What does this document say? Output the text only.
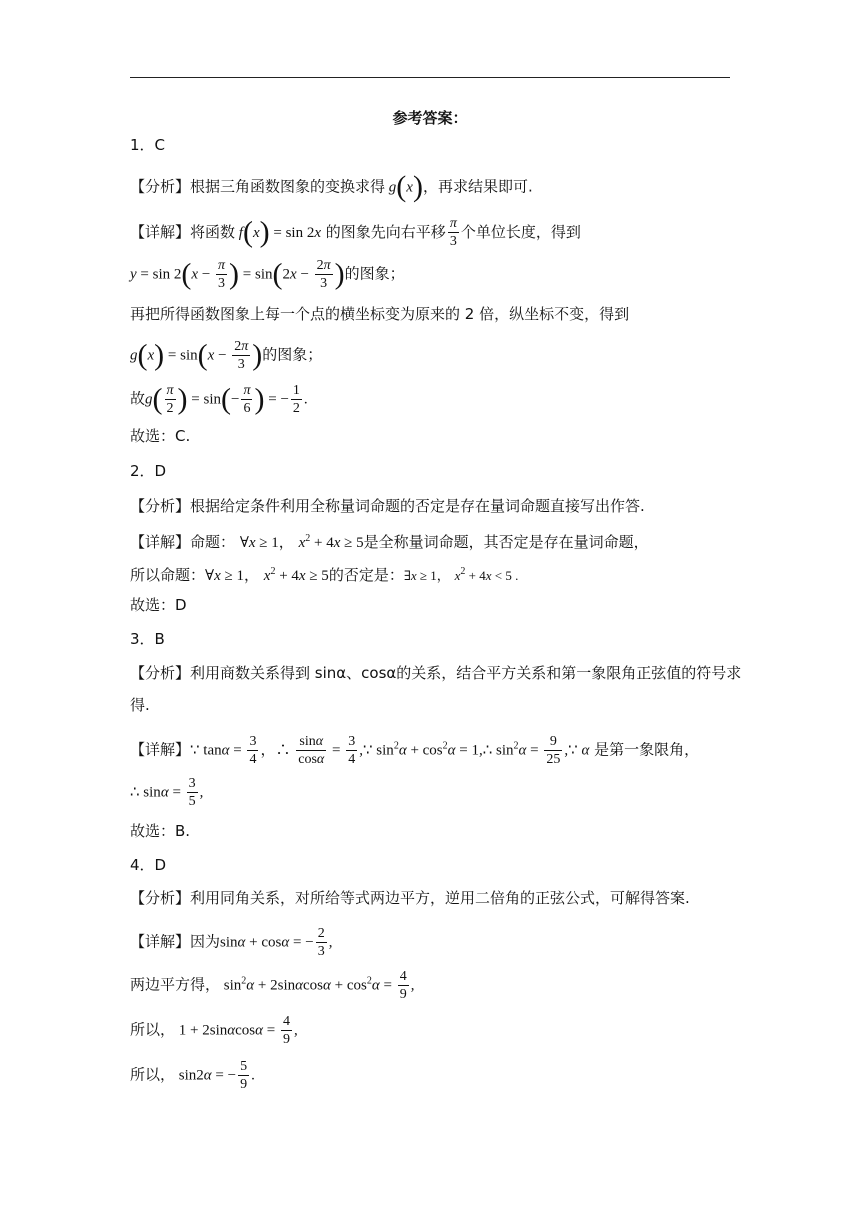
参考答案：
1．C
【分析】根据三角函数图象的变换求得 g(x)，再求结果即可.
【详解】将函数 f(x) = sin 2x 的图象先向右平移 $\frac{\pi}{3}$ 个单位长度，得到
$y = \sin 2(x - \frac{\pi}{3}$ ) = $\sin(2x - \frac{2\pi}{3}$ )的图象；
再把所得函数图象上每一个点的横坐标变为原来的 2 倍，纵坐标不变，得到
$g(x) = \sin(x - \frac{2\pi}{3}$ )的图象；
故$g( \frac{\pi}{2}$ ) = $\sin(- \frac{\pi}{6}$ ) = − $\frac{1}{2}$ .
故选：C.
2．D
【分析】根据给定条件利用全称量词命题的否定是存在量词命题直接写出作答.
【详解】命题： ∀x ≥ 1， $x^2 + 4x \ge 5$是全称量词命题，其否定是存在量词命题，
所以命题：∀x ≥ 1， $x^2 + 4x \ge 5$的否定是：∃x ≥ 1， $x^2 + 4x < 5$ .
故选：D
3．B
【分析】利用商数关系得到 sinα、cosα的关系，结合平方关系和第一象限角正弦值的符号求
得.
【详解】∵ $\tan\alpha = \frac{3}{4}$ ，∴ $\frac{\sin\alpha}{\cos\alpha} = \frac{3}{4}$ ,∵ $\sin^2\alpha + \cos^2\alpha$ = 1,∴ $\sin^2\alpha = \frac{9}{25}$ ,∵ α 是第一象限角，
∴ $\sin\alpha = \frac{3}{5}$ ,
故选：B.
4．D
【分析】利用同角关系，对所给等式两边平方，逆用二倍角的正弦公式，可解得答案.
【详解】因为sinα + cosα = − $\frac{2}{3}$ ,
两边平方得， $\sin^2\alpha + 2\sin\alpha\cos\alpha + \cos^2\alpha = \frac{4}{9}$ ,
所以， $1 + 2\sin\alpha\cos\alpha = \frac{4}{9}$ ,
所以， sin2α = − $\frac{5}{9}$ .
